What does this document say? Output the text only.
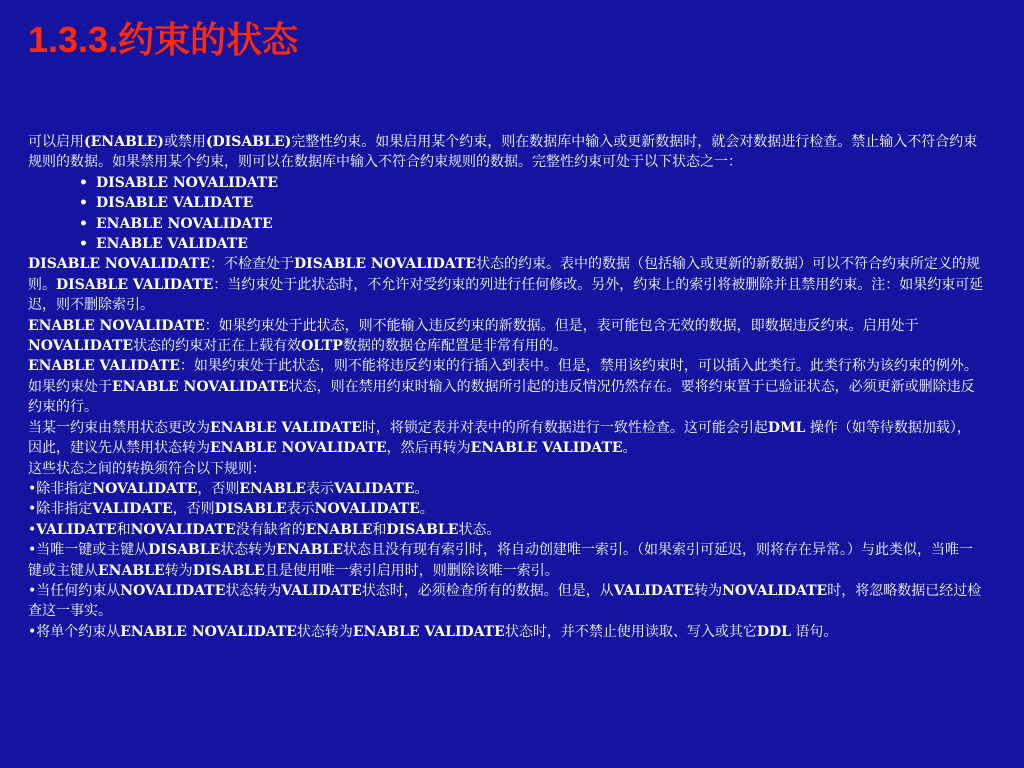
1.3.3.约束的状态

可以启用(ENABLE)或禁用(DISABLE)完整性约束。如果启用某个约束，则在数据库中输入或更新数据时，就会对数据进行检查。禁止输入不符合约束规则的数据。如果禁用某个约束，则可以在数据库中输入不符合约束规则的数据。完整性约束可处于以下状态之一：

• DISABLE NOVALIDATE
• DISABLE VALIDATE
• ENABLE NOVALIDATE
• ENABLE VALIDATE

DISABLE NOVALIDATE：不检查处于DISABLE NOVALIDATE状态的约束。表中的数据（包括输入或更新的新数据）可以不符合约束所定义的规则。DISABLE VALIDATE：当约束处于此状态时，不允许对受约束的列进行任何修改。另外，约束上的索引将被删除并且禁用约束。注：如果约束可延迟，则不删除索引。

ENABLE NOVALIDATE：如果约束处于此状态，则不能输入违反约束的新数据。但是，表可能包含无效的数据，即数据违反约束。启用处于NOVALIDATE状态的约束对正在上载有效OLTP数据的数据仓库配置是非常有用的。

ENABLE VALIDATE：如果约束处于此状态，则不能将违反约束的行插入到表中。但是，禁用该约束时，可以插入此类行。此类行称为该约束的例外。如果约束处于ENABLE NOVALIDATE状态，则在禁用约束时输入的数据所引起的违反情况仍然存在。要将约束置于已验证状态，必须更新或删除违反约束的行。

当某一约束由禁用状态更改为ENABLE VALIDATE时，将锁定表并对表中的所有数据进行一致性检查。这可能会引起DML 操作（如等待数据加载），因此，建议先从禁用状态转为ENABLE NOVALIDATE，然后再转为ENABLE VALIDATE。

这些状态之间的转换须符合以下规则：

•除非指定NOVALIDATE，否则ENABLE表示VALIDATE。

•除非指定VALIDATE，否则DISABLE表示NOVALIDATE。

•VALIDATE和NOVALIDATE没有缺省的ENABLE和DISABLE状态。

•当唯一键或主键从DISABLE状态转为ENABLE状态且没有现有索引时，将自动创建唯一索引。（如果索引可延迟，则将存在异常。）与此类似，当唯一键或主键从ENABLE转为DISABLE且是使用唯一索引启用时，则删除该唯一索引。

•当任何约束从NOVALIDATE状态转为VALIDATE状态时，必须检查所有的数据。但是，从VALIDATE转为NOVALIDATE时，将忽略数据已经过检查这一事实。

•将单个约束从ENABLE NOVALIDATE状态转为ENABLE VALIDATE状态时，并不禁止使用读取、写入或其它DDL 语句。
